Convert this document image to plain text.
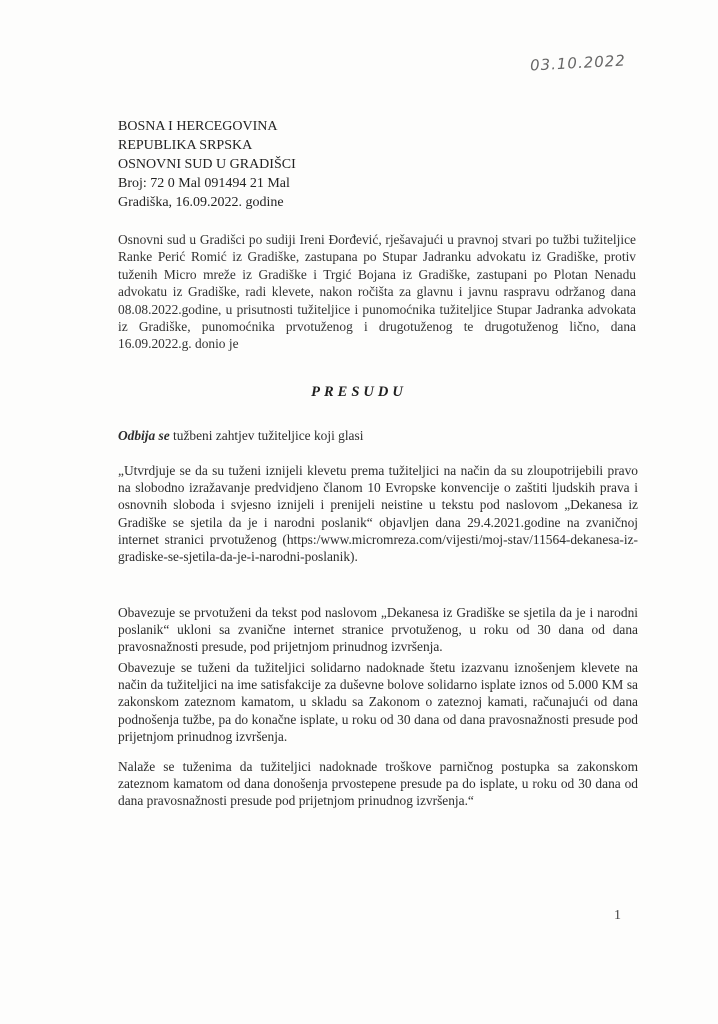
03.10.2022
BOSNA I HERCEGOVINA
REPUBLIKA SRPSKA
OSNOVNI SUD U GRADIŠCI
Broj: 72 0 Mal 091494 21 Mal
Gradiška, 16.09.2022. godine
Osnovni sud u Gradišci po sudiji Ireni Đorđević, rješavajući u pravnoj stvari po tužbi tužiteljice Ranke Perić Romić iz Gradiške, zastupana po Stupar Jadranku advokatu iz Gradiške, protiv tuženih Micro mreže iz Gradiške i Trgić Bojana iz Gradiške, zastupani po Plotan Nenadu advokatu iz Gradiške, radi klevete, nakon ročišta za glavnu i javnu raspravu održanog dana 08.08.2022.godine, u prisutnosti tužiteljice i punomoćnika tužiteljice Stupar Jadranka advokata iz Gradiške, punomoćnika prvotuženog i drugotuženog te drugotuženog lično, dana 16.09.2022.g. donio je
PRESUDU
Odbija se tužbeni zahtjev tužiteljice koji glasi
„Utvrdjuje se da su tuženi iznijeli klevetu prema tužiteljici na način da su zloupotrijebili pravo na slobodno izražavanje predvidjeno članom 10 Evropske konvencije o zaštiti ljudskih prava i osnovnih sloboda i svjesno iznijeli i prenijeli neistine u tekstu pod naslovom „Dekanesa iz Gradiške se sjetila da je i narodni poslanik“ objavljen dana 29.4.2021.godine na zvaničnoj internet stranici prvotuženog (https:/www.micromreza.com/vijesti/moj-stav/11564-dekanesa-iz-gradiske-se-sjetila-da-je-i-narodni-poslanik).
Obavezuje se prvotuženi da tekst pod naslovom „Dekanesa iz Gradiške se sjetila da je i narodni poslanik“ ukloni sa zvanične internet stranice prvotuženog, u roku od 30 dana od dana pravosnažnosti presude, pod prijetnjom prinudnog izvršenja.
Obavezuje se tuženi da tužiteljici solidarno nadoknade štetu izazvanu iznošenjem klevete na način da tužiteljici na ime satisfakcije za duševne bolove solidarno isplate iznos od 5.000 KM sa zakonskom zateznom kamatom, u skladu sa Zakonom o zateznoj kamati, računajući od dana podnošenja tužbe, pa do konačne isplate, u roku od 30 dana od dana pravosnažnosti presude pod prijetnjom prinudnog izvršenja.
Nalaže se tuženima da tužiteljici nadoknade troškove parničnog postupka sa zakonskom zateznom kamatom od dana donošenja prvostepene presude pa do isplate, u roku od 30 dana od dana pravosnažnosti presude pod prijetnjom prinudnog izvršenja.“
1
